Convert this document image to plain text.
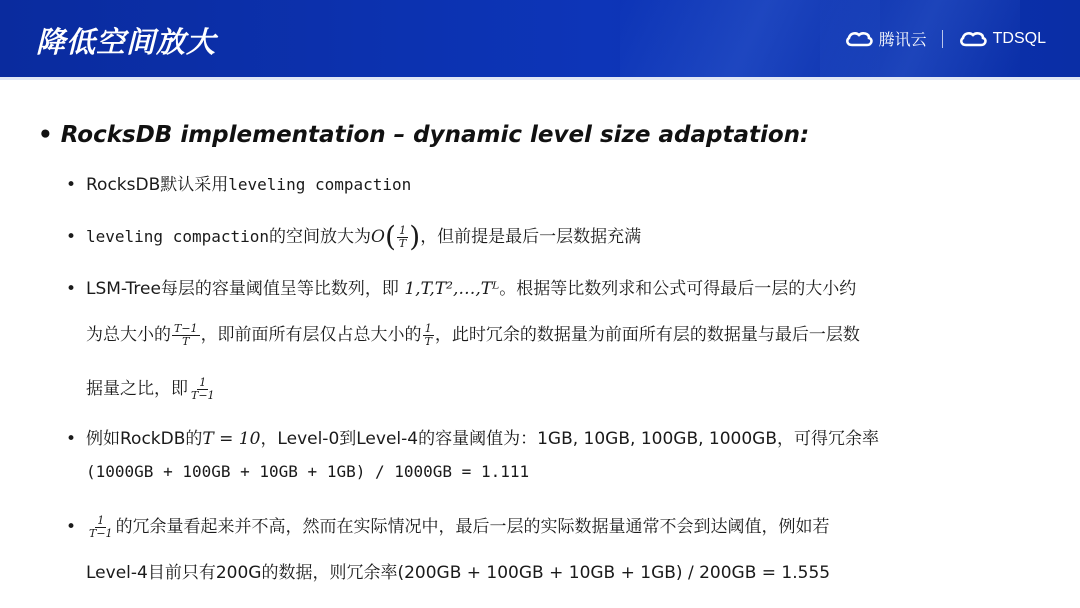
降低空间放大	腾讯云	TDSQL
• RocksDB implementation – dynamic level size adaptation:
• RocksDB默认采用leveling compaction
• leveling compaction的空间放大为$O( \frac{1}{T}$ )，但前提是最后一层数据充满
• LSM-Tree每层的容量阈值呈等比数列，即 1,T,T²,…,Tᴸ。根据等比数列求和公式可得最后一层的大小约
为总大小的 $\frac{T-1}{T}$ ，即前面所有层仅占总大小的 $\frac{1}{T}$ ，此时冗余的数据量为前面所有层的数据量与最后一层数
据量之比，即 $\frac{1}{T-1}$
• 例如RockDB的T = 10，Level-0到Level-4的容量阈值为：1GB, 10GB, 100GB, 1000GB，可得冗余率
(1000GB + 100GB + 10GB + 1GB) / 1000GB = 1.111
• $\frac{1}{T-1}$ 的冗余量看起来并不高，然而在实际情况中，最后一层的实际数据量通常不会到达阈值，例如若
Level-4目前只有200G的数据，则冗余率(200GB + 100GB + 10GB + 1GB) / 200GB = 1.555
